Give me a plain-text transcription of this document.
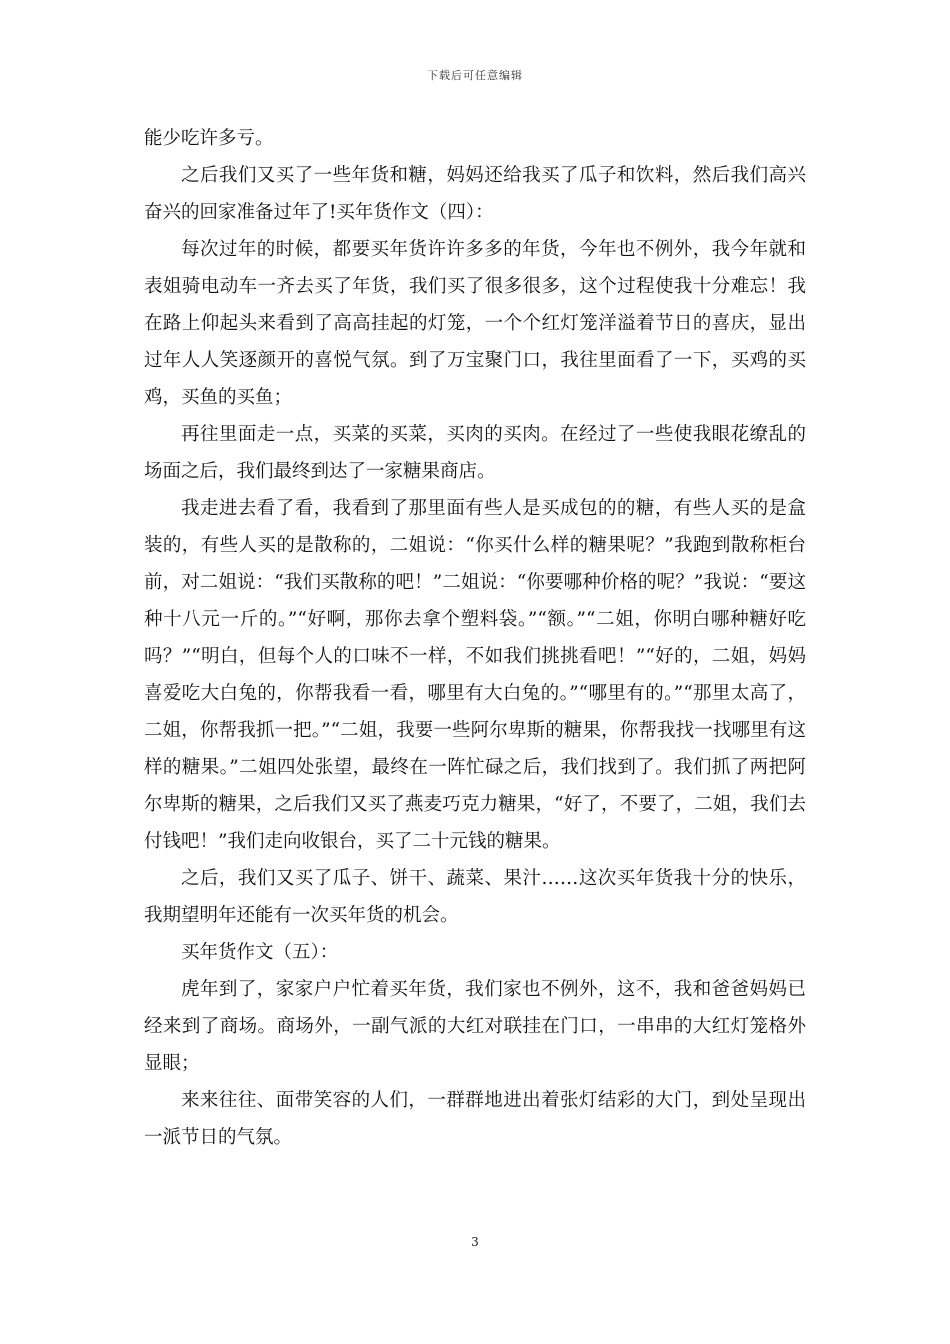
下载后可任意编辑

能少吃许多亏。

之后我们又买了一些年货和糖，妈妈还给我买了瓜子和饮料，然后我们高兴奋兴的回家准备过年了!买年货作文（四）：

每次过年的时候，都要买年货许许多多的年货，今年也不例外，我今年就和表姐骑电动车一齐去买了年货，我们买了很多很多，这个过程使我十分难忘！我在路上仰起头来看到了高高挂起的灯笼，一个个红灯笼洋溢着节日的喜庆，显出过年人人笑逐颜开的喜悦气氛。到了万宝聚门口，我往里面看了一下，买鸡的买鸡，买鱼的买鱼；

再往里面走一点，买菜的买菜，买肉的买肉。在经过了一些使我眼花缭乱的场面之后，我们最终到达了一家糖果商店。

我走进去看了看，我看到了那里面有些人是买成包的的糖，有些人买的是盒装的，有些人买的是散称的，二姐说：“你买什么样的糖果呢？”我跑到散称柜台前，对二姐说：“我们买散称的吧！”二姐说：“你要哪种价格的呢？”我说：“要这种十八元一斤的。”“好啊，那你去拿个塑料袋。”“额。”“二姐，你明白哪种糖好吃吗？”“明白，但每个人的口味不一样，不如我们挑挑看吧！”“好的，二姐，妈妈喜爱吃大白兔的，你帮我看一看，哪里有大白兔的。”“哪里有的。”“那里太高了，二姐，你帮我抓一把。”“二姐，我要一些阿尔卑斯的糖果，你帮我找一找哪里有这样的糖果。”二姐四处张望，最终在一阵忙碌之后，我们找到了。我们抓了两把阿尔卑斯的糖果，之后我们又买了燕麦巧克力糖果，“好了，不要了，二姐，我们去付钱吧！”我们走向收银台，买了二十元钱的糖果。

之后，我们又买了瓜子、饼干、蔬菜、果汁……这次买年货我十分的快乐，我期望明年还能有一次买年货的机会。

买年货作文（五）：

虎年到了，家家户户忙着买年货，我们家也不例外，这不，我和爸爸妈妈已经来到了商场。商场外，一副气派的大红对联挂在门口，一串串的大红灯笼格外显眼；

来来往往、面带笑容的人们，一群群地进出着张灯结彩的大门，到处呈现出一派节日的气氛。

3
